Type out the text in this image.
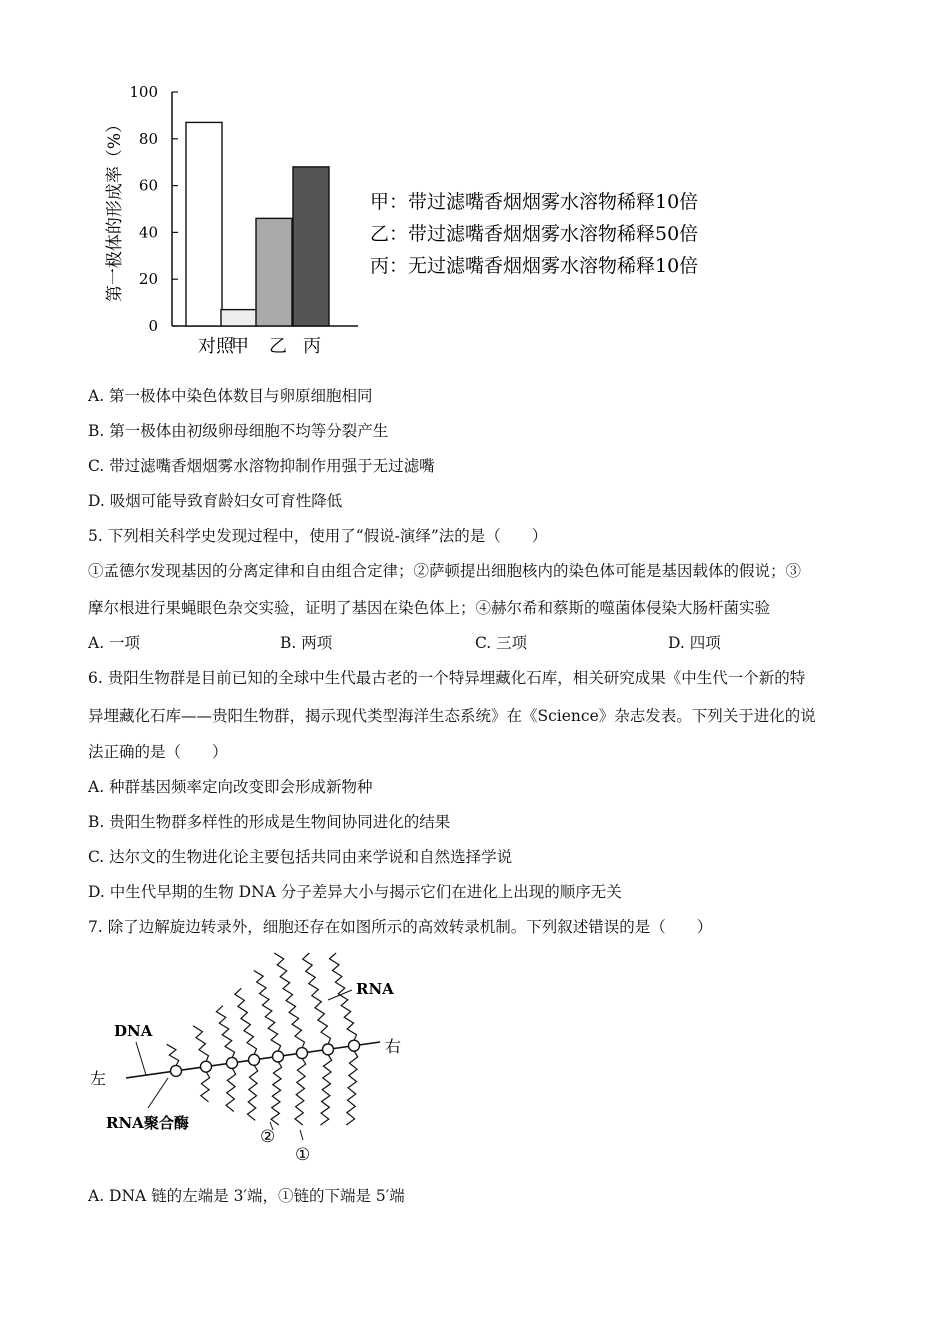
100
80
60
40
20
0
第一极体的形成率（%）
对照
甲 乙 丙
甲：带过滤嘴香烟烟雾水溶物稀释10倍
乙：带过滤嘴香烟烟雾水溶物稀释50倍
丙：无过滤嘴香烟烟雾水溶物稀释10倍
A. 第一极体中染色体数目与卵原细胞相同
B. 第一极体由初级卵母细胞不均等分裂产生
C. 带过滤嘴香烟烟雾水溶物抑制作用强于无过滤嘴
D. 吸烟可能导致育龄妇女可育性降低
5. 下列相关科学史发现过程中，使用了“假说-演绎”法的是（　　）
①孟德尔发现基因的分离定律和自由组合定律；②萨顿提出细胞核内的染色体可能是基因载体的假说；③
摩尔根进行果蝇眼色杂交实验，证明了基因在染色体上；④赫尔希和蔡斯的噬菌体侵染大肠杆菌实验
A. 一项	B. 两项	C. 三项	D. 四项
6. 贵阳生物群是目前已知的全球中生代最古老的一个特异埋藏化石库，相关研究成果《中生代一个新的特
异埋藏化石库——贵阳生物群，揭示现代类型海洋生态系统》在《Science》杂志发表。下列关于进化的说
法正确的是（　　）
A. 种群基因频率定向改变即会形成新物种
B. 贵阳生物群多样性的形成是生物间协同进化的结果
C. 达尔文的生物进化论主要包括共同由来学说和自然选择学说
D. 中生代早期的生物 DNA 分子差异大小与揭示它们在进化上出现的顺序无关
7. 除了边解旋边转录外，细胞还存在如图所示的高效转录机制。下列叙述错误的是（　　）
RNA
DNA
左
右
RNA聚合酶
②
①
A. DNA 链的左端是 3′端，①链的下端是 5′端
